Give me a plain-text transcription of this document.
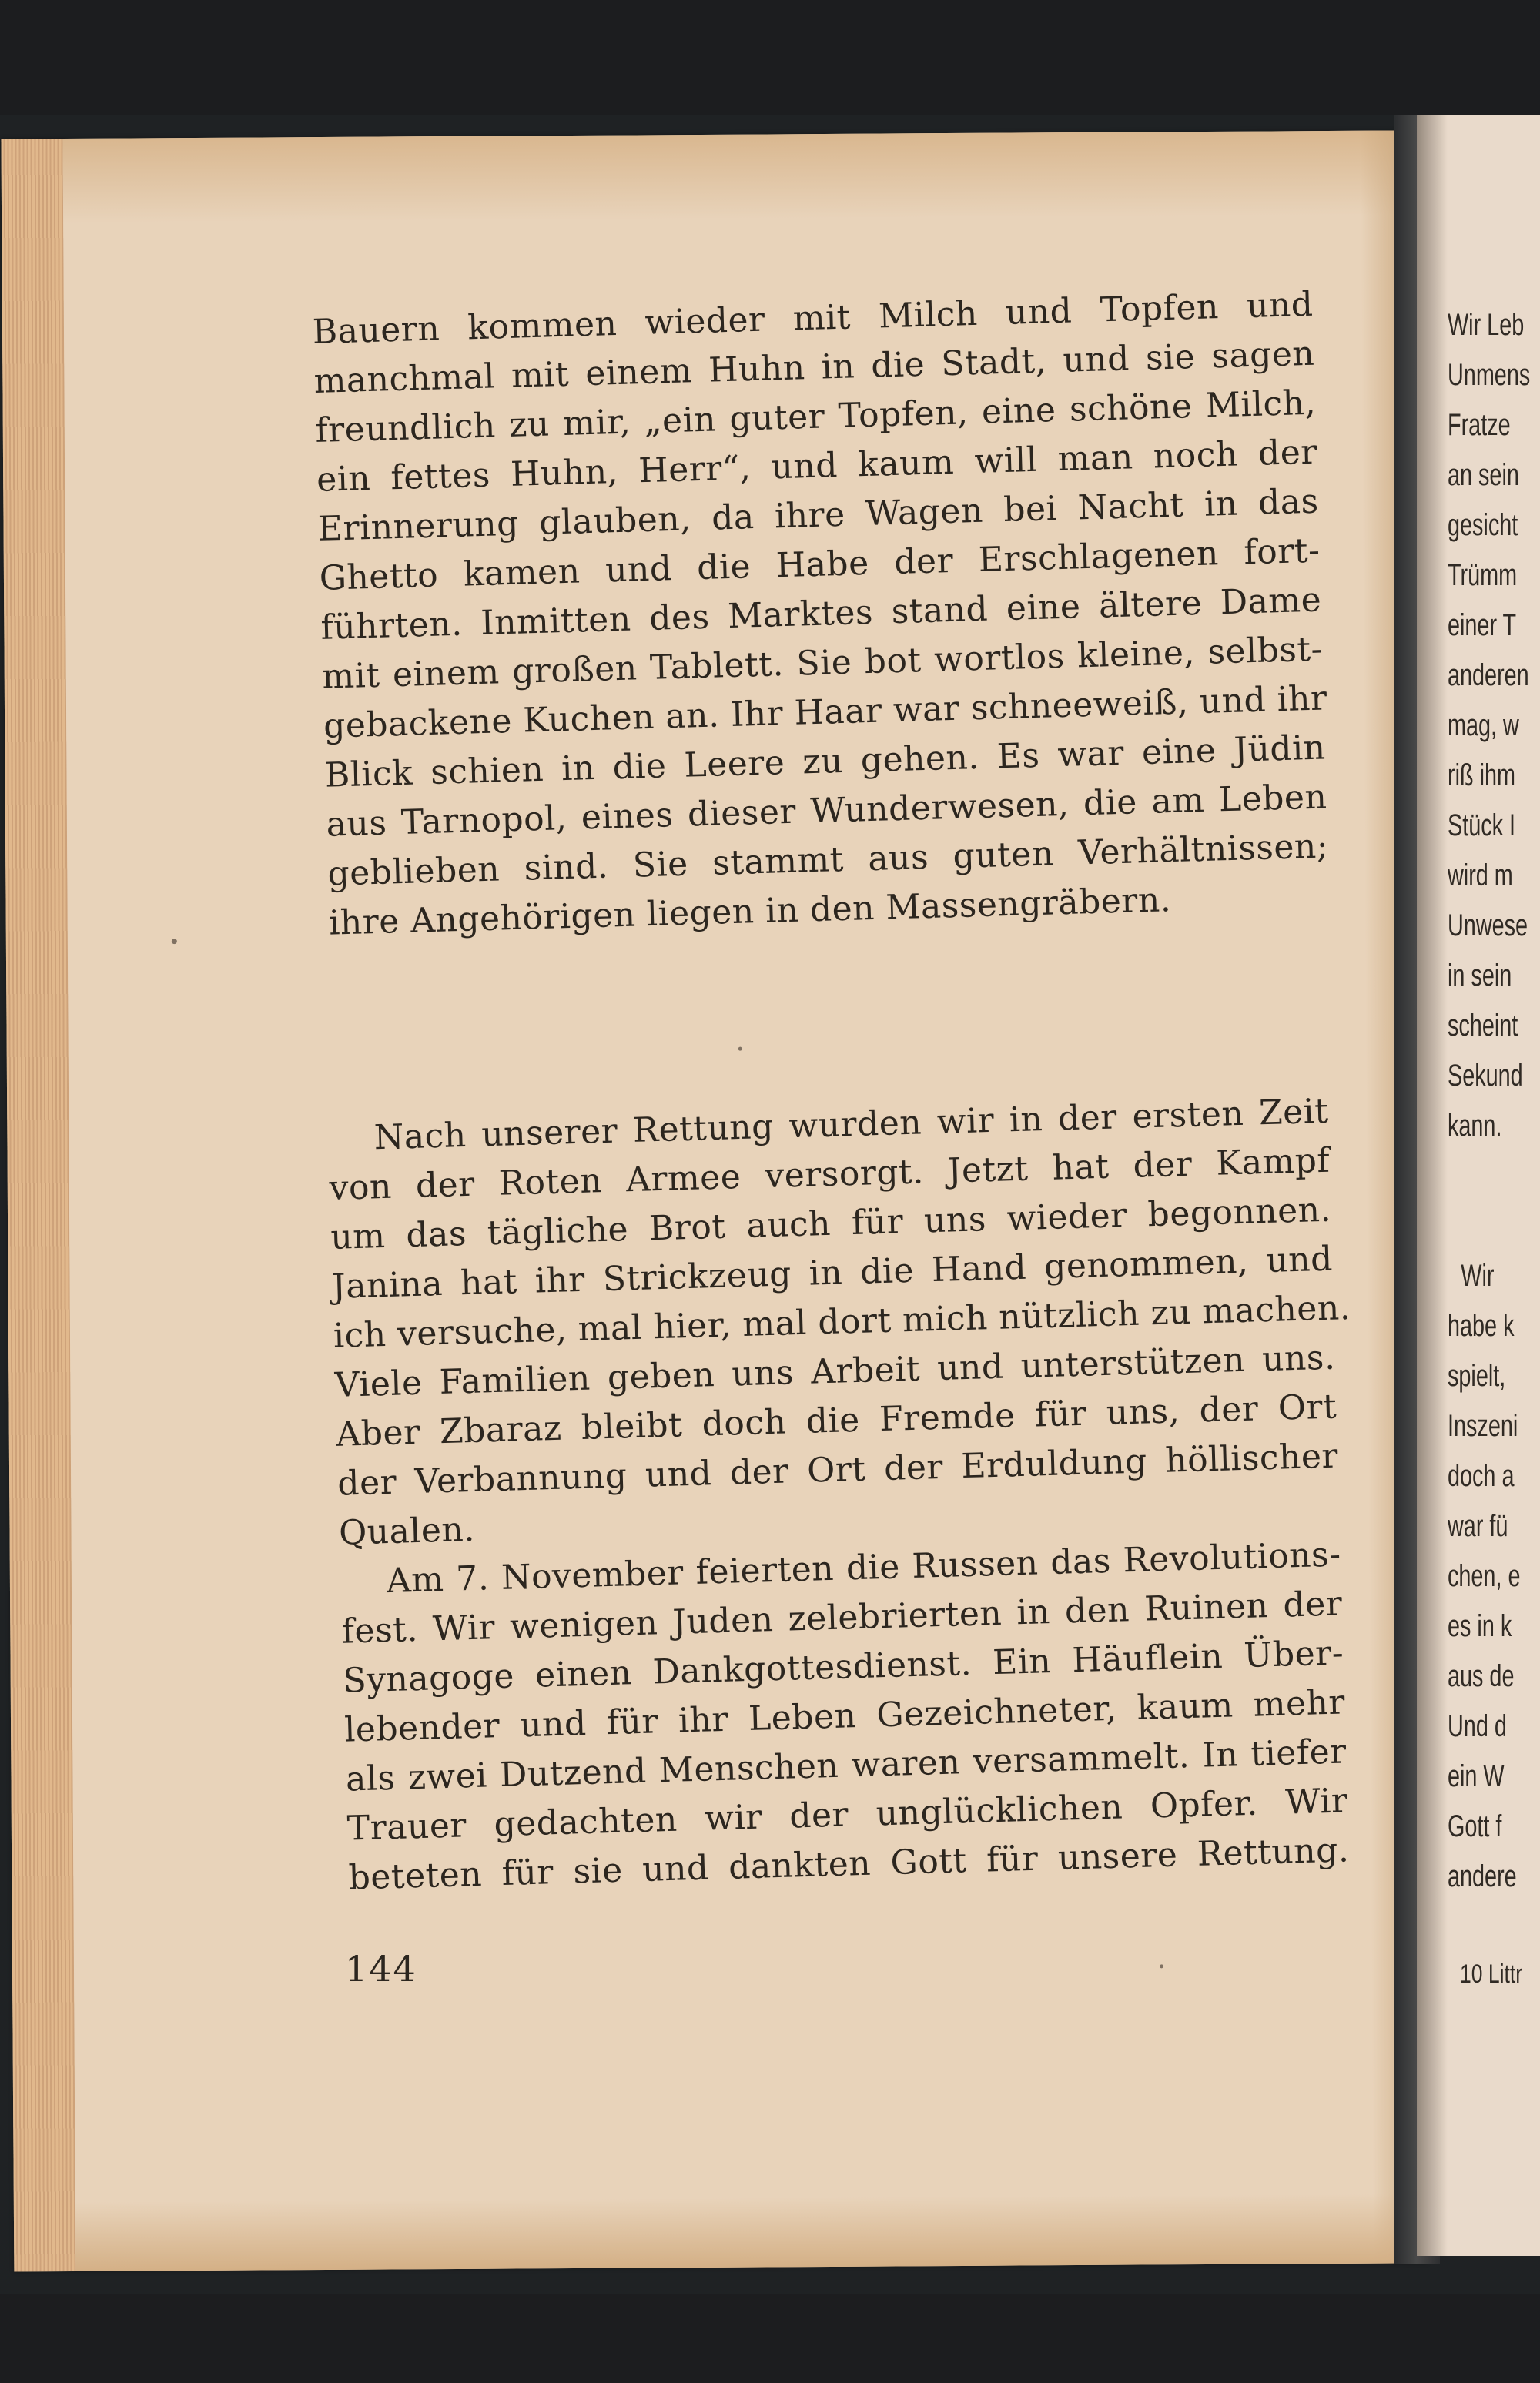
Wir Leb
Unmens
Fratze
an sein
gesicht
Trümm
einer T
anderen
mag, w
riß ihm
Stück I
wird m
Unwese
in sein
scheint
Sekund
kann.
Wir
habe k
spielt,
Inszeni
doch a
war fü
chen, e
es in k
aus de
Und d
ein W
Gott f
andere
10 Littr
Bauern kommen wieder mit Milch und Topfen und
manchmal mit einem Huhn in die Stadt, und sie sagen
freundlich zu mir, „ein guter Topfen, eine schöne Milch,
ein fettes Huhn, Herr“, und kaum will man noch der
Erinnerung glauben, da ihre Wagen bei Nacht in das
Ghetto kamen und die Habe der Erschlagenen fort-
führten. Inmitten des Marktes stand eine ältere Dame
mit einem großen Tablett. Sie bot wortlos kleine, selbst-
gebackene Kuchen an. Ihr Haar war schneeweiß, und ihr
Blick schien in die Leere zu gehen. Es war eine Jüdin
aus Tarnopol, eines dieser Wunderwesen, die am Leben
geblieben sind. Sie stammt aus guten Verhältnissen;
ihre Angehörigen liegen in den Massengräbern.
Nach unserer Rettung wurden wir in der ersten Zeit
von der Roten Armee versorgt. Jetzt hat der Kampf
um das tägliche Brot auch für uns wieder begonnen.
Janina hat ihr Strickzeug in die Hand genommen, und
ich versuche, mal hier, mal dort mich nützlich zu machen.
Viele Familien geben uns Arbeit und unterstützen uns.
Aber Zbaraz bleibt doch die Fremde für uns, der Ort
der Verbannung und der Ort der Erduldung höllischer
Qualen.
Am 7. November feierten die Russen das Revolutions-
fest. Wir wenigen Juden zelebrierten in den Ruinen der
Synagoge einen Dankgottesdienst. Ein Häuflein Über-
lebender und für ihr Leben Gezeichneter, kaum mehr
als zwei Dutzend Menschen waren versammelt. In tiefer
Trauer gedachten wir der unglücklichen Opfer. Wir
beteten für sie und dankten Gott für unsere Rettung.
144
